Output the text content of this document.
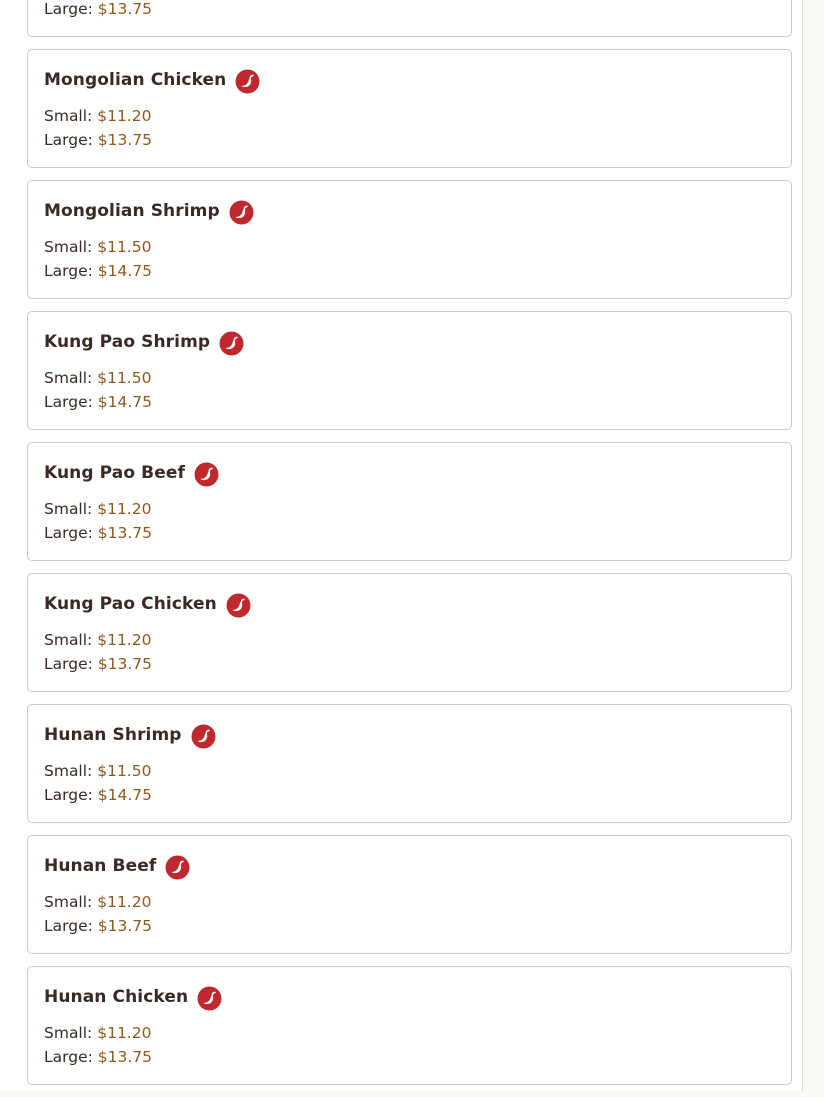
Large: $13.75
Mongolian Chicken
Small: $11.20
Large: $13.75
Mongolian Shrimp
Small: $11.50
Large: $14.75
Kung Pao Shrimp
Small: $11.50
Large: $14.75
Kung Pao Beef
Small: $11.20
Large: $13.75
Kung Pao Chicken
Small: $11.20
Large: $13.75
Hunan Shrimp
Small: $11.50
Large: $14.75
Hunan Beef
Small: $11.20
Large: $13.75
Hunan Chicken
Small: $11.20
Large: $13.75
